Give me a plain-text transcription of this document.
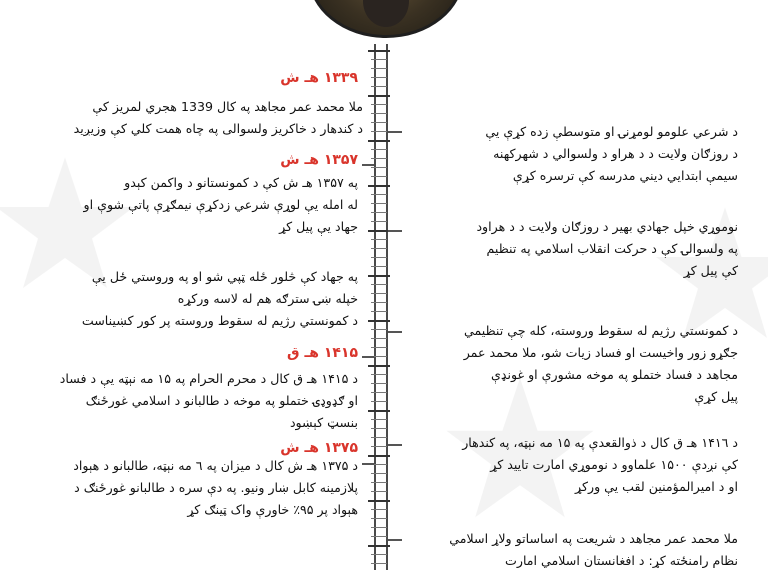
۱۳۳۹ هـ ش
۱۳۵۷ هـ ش
۱۴۱۵ هـ ق
۱۳۷۵ هـ ش
ملا محمد عمر مجاهد په کال 1339 هجري لمريز کې
د کندهار د خاکريز ولسوالی په چاه همت کلي کې وزيږيد
په ۱۳۵۷ هـ ش کې د کمونستانو د واکمن کېدو
له امله يې لوړې شرعي زدکړې نيمګړې پاتې شوې او
جهاد يې پيل کړ
په جهاد کې څلور ځله ټپي شو او په وروستي ځل يې
خپله ښۍ سترګه هم له لاسه ورکړه
د کمونستي رژيم له سقوط وروسته پر کور کښيناست
د ۱۴۱۵ هـ ق کال د محرم الحرام په ۱۵ مه نېټه يې د فساد
او ګډوډۍ ختملو په موخه د طالبانو د اسلامي غورځنګ
بنسټ کېښود
د ۱۳۷۵ هـ ش کال د میزان په ٦ مه نېټه، طالبانو د هېواد
پلازمینه کابل ښار ونيو. په دې سره د طالبانو غورځنګ د
هېواد پر ۹۵٪ خاورې واک ټينګ کړ
د شرعي علومو لومړنۍ او متوسطې زده کړې يې
د روزګان ولايت د د هراو د ولسوالي د شهرکهنه
سيمې ابتدايي ديني مدرسه کې ترسره کړې
نوموړي خپل جهادي بهير د روزګان ولايت د د هراود
په ولسوالۍ کې د حرکت انقلاب اسلامي په تنظيم
کې پيل کړ
د کمونستي رژيم له سقوط وروسته، کله چې تنظيمي
جګړو زور واخيست او فساد زيات شو، ملا محمد عمر
مجاهد د فساد ختملو په موخه مشورې او غونډې
پيل کړې
د ۱۴۱٦ هـ ق کال د ذوالقعدې په ۱۵ مه نېټه، په کندهار
کې نږدې ۱۵۰۰ علماوو د نوموړي امارت تاييد کړ
او د اميرالمؤمنين لقب يې ورکړ
ملا محمد عمر مجاهد د شريعت په اساساتو ولاړ اسلامي
نظام رامنځته کړ: د افغانستان اسلامي امارت
